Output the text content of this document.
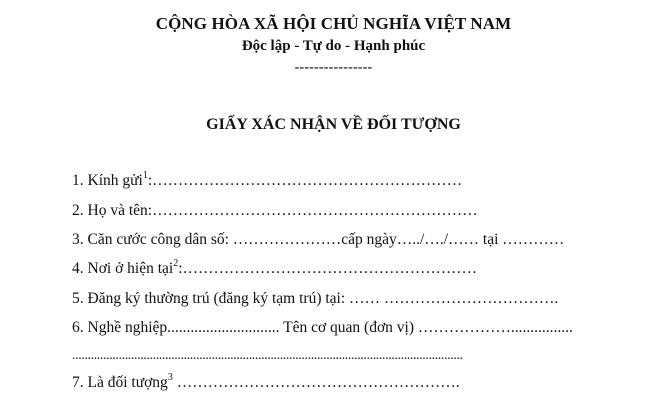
CỘNG HÒA XÃ HỘI CHỦ NGHĨA VIỆT NAM
Độc lập - Tự do - Hạnh phúc
----------------
GIẤY XÁC NHẬN VỀ ĐỐI TƯỢNG
1. Kính gửi$^1$:……………………………………………………
2. Họ và tên:………………………………………………………
3. Căn cước công dân số: …………………cấp ngày…../…./…… tại …………
4. Nơi ở hiện tại$^2$:…………………………………………………
5. Đăng ký thường trú (đăng ký tạm trú) tại: …… …………………………….
6. Nghề nghiệp............................. Tên cơ quan (đơn vị) ………………................
..............................................................................................................................
7. Là đối tượng$^3$ ……………………………………………….
